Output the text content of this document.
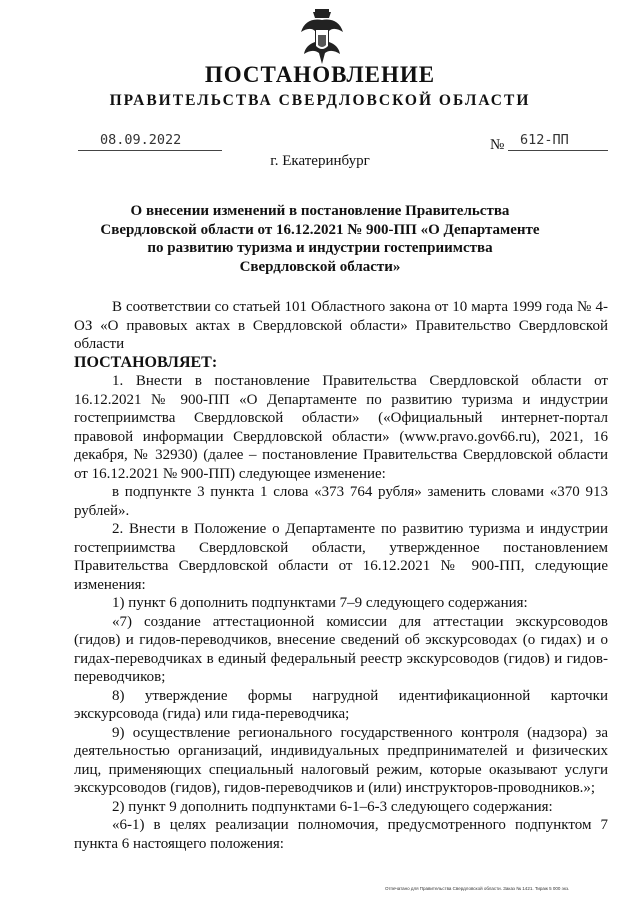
ПОСТАНОВЛЕНИЕ
ПРАВИТЕЛЬСТВА СВЕРДЛОВСКОЙ ОБЛАСТИ
08.09.2022	№ 612-ПП
г. Екатеринбург
О внесении изменений в постановление Правительства Свердловской области от 16.12.2021 № 900-ПП «О Департаменте по развитию туризма и индустрии гостеприимства Свердловской области»

В соответствии со статьей 101 Областного закона от 10 марта 1999 года № 4-ОЗ «О правовых актах в Свердловской области» Правительство Свердловской области

ПОСТАНОВЛЯЕТ:

1. Внести в постановление Правительства Свердловской области от 16.12.2021 № 900-ПП «О Департаменте по развитию туризма и индустрии гостеприимства Свердловской области» («Официальный интернет-портал правовой информации Свердловской области» (www.pravo.gov66.ru), 2021, 16 декабря, № 32930) (далее – постановление Правительства Свердловской области от 16.12.2021 № 900-ПП) следующее изменение:

в подпункте 3 пункта 1 слова «373 764 рубля» заменить словами «370 913 рублей».

2. Внести в Положение о Департаменте по развитию туризма и индустрии гостеприимства Свердловской области, утвержденное постановлением Правительства Свердловской области от 16.12.2021 № 900-ПП, следующие изменения:

1) пункт 6 дополнить подпунктами 7–9 следующего содержания:

«7) создание аттестационной комиссии для аттестации экскурсоводов (гидов) и гидов-переводчиков, внесение сведений об экскурсоводах (о гидах) и о гидах-переводчиках в единый федеральный реестр экскурсоводов (гидов) и гидов-переводчиков;

8) утверждение формы нагрудной идентификационной карточки экскурсовода (гида) или гида-переводчика;

9) осуществление регионального государственного контроля (надзора) за деятельностью организаций, индивидуальных предпринимателей и физических лиц, применяющих специальный налоговый режим, которые оказывают услуги экскурсоводов (гидов), гидов-переводчиков и (или) инструкторов-проводников.»;

2) пункт 9 дополнить подпунктами 6-1–6-3 следующего содержания:

«6-1) в целях реализации полномочия, предусмотренного подпунктом 7 пункта 6 настоящего положения:

Отпечатано для Правительства Свердловской области. Заказ № 1421. Тираж 5 000 экз.
